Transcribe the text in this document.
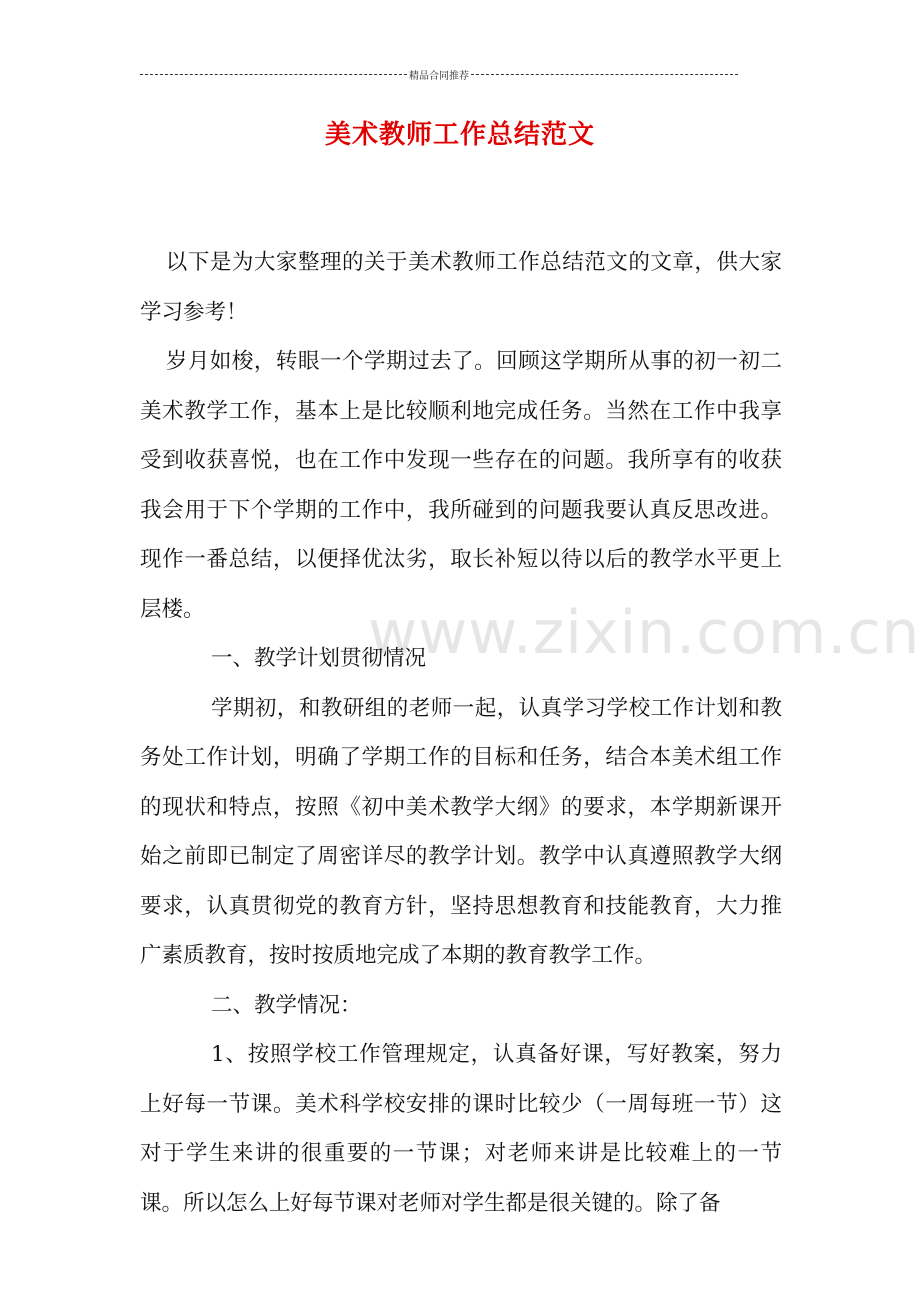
精品合同推荐
美术教师工作总结范文
www.zixin.com.cn

以下是为大家整理的关于美术教师工作总结范文的文章，供大家学习参考！

岁月如梭，转眼一个学期过去了。回顾这学期所从事的初一初二美术教学工作，基本上是比较顺利地完成任务。当然在工作中我享受到收获喜悦，也在工作中发现一些存在的问题。我所享有的收获我会用于下个学期的工作中，我所碰到的问题我要认真反思改进。现作一番总结，以便择优汰劣，取长补短以待以后的教学水平更上层楼。

一、教学计划贯彻情况

学期初，和教研组的老师一起，认真学习学校工作计划和教务处工作计划，明确了学期工作的目标和任务，结合本美术组工作的现状和特点，按照《初中美术教学大纲》的要求，本学期新课开始之前即已制定了周密详尽的教学计划。教学中认真遵照教学大纲要求，认真贯彻党的教育方针，坚持思想教育和技能教育，大力推广素质教育，按时按质地完成了本期的教育教学工作。

二、教学情况：

1、按照学校工作管理规定，认真备好课，写好教案，努力上好每一节课。美术科学校安排的课时比较少（一周每班一节）这对于学生来讲的很重要的一节课；对老师来讲是比较难上的一节课。所以怎么上好每节课对老师对学生都是很关键的。除了备
